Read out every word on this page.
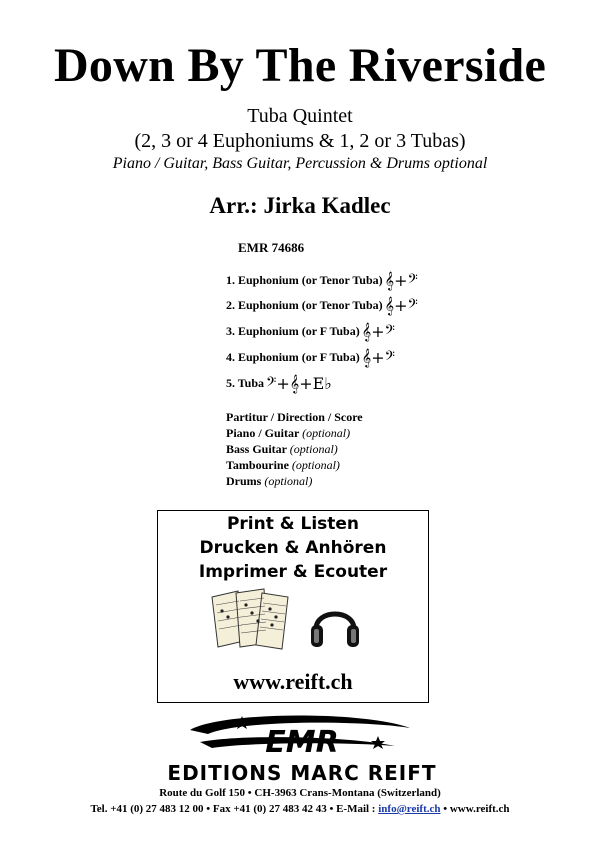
Down By The Riverside
Tuba Quintet
(2, 3 or 4 Euphoniums & 1, 2 or 3 Tubas)
Piano / Guitar, Bass Guitar, Percussion & Drums optional
Arr.: Jirka Kadlec
EMR 74686
1. Euphonium (or Tenor Tuba) 𝄞+𝄢
2. Euphonium (or Tenor Tuba) 𝄞+𝄢
3. Euphonium (or F Tuba) 𝄞+𝄢
4. Euphonium (or F Tuba) 𝄞+𝄢
5. Tuba 𝄢+𝄞+E♭
Partitur / Direction / Score
Piano / Guitar (optional)
Bass Guitar (optional)
Tambourine (optional)
Drums (optional)
Print & Listen
Drucken & Anhören
Imprimer & Ecouter
www.reift.ch
EMR
EDITIONS MARC REIFT
Route du Golf 150 • CH-3963 Crans-Montana (Switzerland)
Tel. +41 (0) 27 483 12 00 • Fax +41 (0) 27 483 42 43 • E-Mail : info@reift.ch • www.reift.ch
